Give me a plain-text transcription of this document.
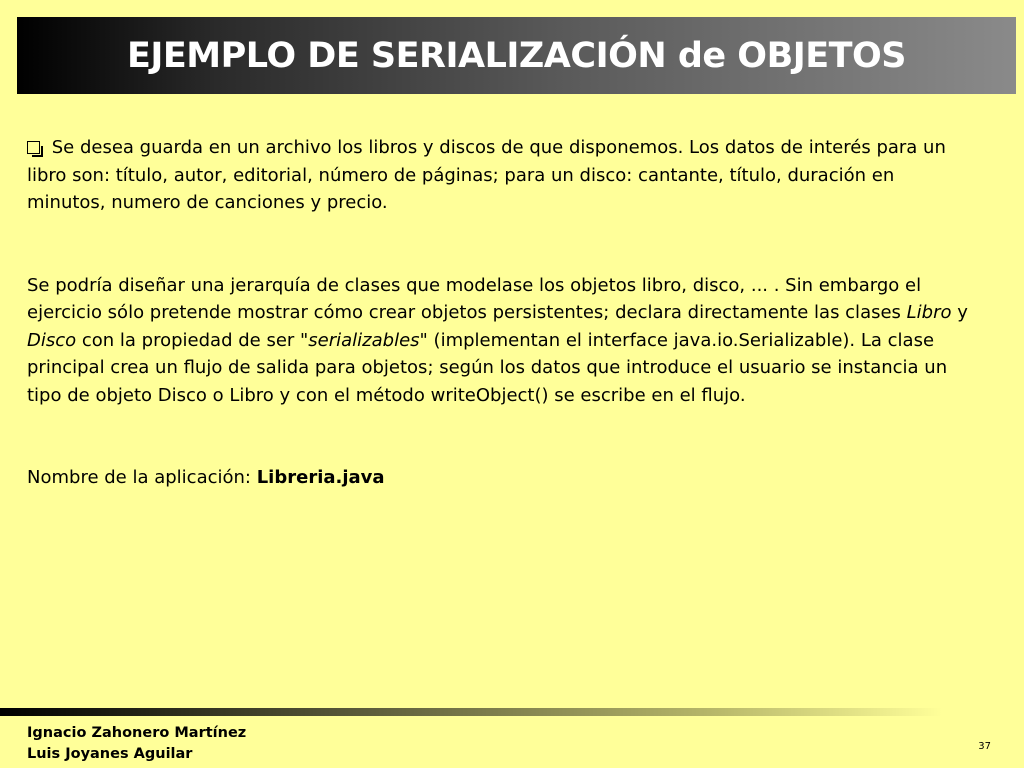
EJEMPLO DE SERIALIZACIÓN de OBJETOS

Se desea guarda en un archivo los libros y discos de que disponemos. Los datos de interés para un libro son: título, autor, editorial, número de páginas; para un disco: cantante, título, duración en minutos, numero de canciones y precio.

Se podría diseñar una jerarquía de clases que modelase los objetos libro, disco, ... . Sin embargo el ejercicio sólo pretende mostrar cómo crear objetos persistentes; declara directamente las clases Libro y Disco con la propiedad de ser "serializables" (implementan el interface java.io.Serializable). La clase principal crea un flujo de salida para objetos; según los datos que introduce el usuario se instancia un tipo de objeto Disco o Libro y con el método writeObject() se escribe en el flujo.

Nombre de la aplicación: Libreria.java

Ignacio Zahonero Martínez
Luis Joyanes Aguilar	37
